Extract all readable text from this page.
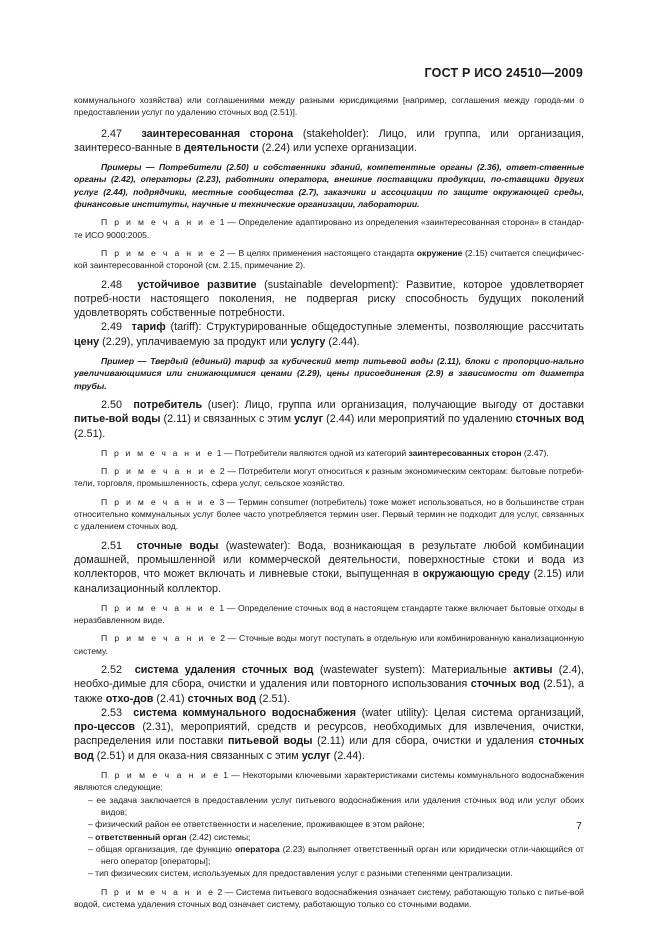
ГОСТ Р ИСО 24510—2009

коммунального хозяйства) или соглашениями между разными юрисдикциями [например, соглашения между города-ми о предоставлении услуг по удалению сточных вод (2.51)].

2.47 заинтересованная сторона (stakeholder): Лицо, или группа, или организация, заинтересо-ванные в деятельности (2.24) или успехе организации.

Примеры — Потребители (2.50) и собственники зданий, компетентные органы (2.36), ответ-ственные органы (2.42), операторы (2.23), работники оператора, внешние поставщики продукции, по-ставщики других услуг (2.44), подрядчики, местные сообщества (2.7), заказчики и ассоциации по защите окружающей среды, финансовые институты, научные и технические организации, лаборатории.

П р и м е ч а н и е 1 — Определение адаптировано из определения «заинтересованная сторона» в стандар-те ИСО 9000:2005.

П р и м е ч а н и е 2 — В целях применения настоящего стандарта окружение (2.15) считается специфичес-кой заинтересованной стороной (см. 2.15, примечание 2).

2.48 устойчивое развитие (sustainable development): Развитие, которое удовлетворяет потреб-ности настоящего поколения, не подвергая риску способность будущих поколений удовлетворять собственные потребности.

2.49 тариф (tariff): Структурированные общедоступные элементы, позволяющие рассчитать цену (2.29), уплачиваемую за продукт или услугу (2.44).

Пример — Твердый (единый) тариф за кубический метр питьевой воды (2.11), блоки с пропорцио-нально увеличивающимися или снижающимися ценами (2.29), цены присоединения (2.9) в зависимости от диаметра трубы.

2.50 потребитель (user): Лицо, группа или организация, получающие выгоду от доставки питье-вой воды (2.11) и связанных с этим услуг (2.44) или мероприятий по удалению сточных вод (2.51).

П р и м е ч а н и е 1 — Потребители являются одной из категорий заинтересованных сторон (2.47).

П р и м е ч а н и е 2 — Потребители могут относиться к разным экономическим секторам: бытовые потреби-тели, торговля, промышленность, сфера услуг, сельское хозяйство.

П р и м е ч а н и е 3 — Термин consumer (потребитель) тоже может использоваться, но в большинстве стран относительно коммунальных услуг более часто употребляется термин user. Первый термин не подходит для услуг, связанных с удалением сточных вод.

2.51 сточные воды (wastewater): Вода, возникающая в результате любой комбинации домашней, промышленной или коммерческой деятельности, поверхностные стоки и вода из коллекторов, что может включать и ливневые стоки, выпущенная в окружающую среду (2.15) или канализационный коллектор.

П р и м е ч а н и е 1 — Определение сточных вод в настоящем стандарте также включает бытовые отходы в неразбавленном виде.

П р и м е ч а н и е 2 — Сточные воды могут поступать в отдельную или комбинированную канализационную систему.

2.52 система удаления сточных вод (wastewater system): Материальные активы (2.4), необхо-димые для сбора, очистки и удаления или повторного использования сточных вод (2.51), а также отхо-дов (2.41) сточных вод (2.51).

2.53 система коммунального водоснабжения (water utility): Целая система организаций, про-цессов (2.31), мероприятий, средств и ресурсов, необходимых для извлечения, очистки, распределения или поставки питьевой воды (2.11) или для сбора, очистки и удаления сточных вод (2.51) и для оказа-ния связанных с этим услуг (2.44).

П р и м е ч а н и е 1 — Некоторыми ключевыми характеристиками системы коммунального водоснабжения являются следующие:

– ее задача заключается в предоставлении услуг питьевого водоснабжения или удаления сточных вод или услуг обоих видов;

– физический район ее ответственности и население, проживающее в этом районе;

– ответственный орган (2.42) системы;

– общая организация, где функцию оператора (2.23) выполняет ответственный орган или юридически отли-чающийся от него оператор [операторы];

– тип физических систем, используемых для предоставления услуг с разными степенями централизации.

П р и м е ч а н и е 2 — Система питьевого водоснабжения означает систему, работающую только с питье-вой водой, система удаления сточных вод означает систему, работающую только со сточными водами.

7
